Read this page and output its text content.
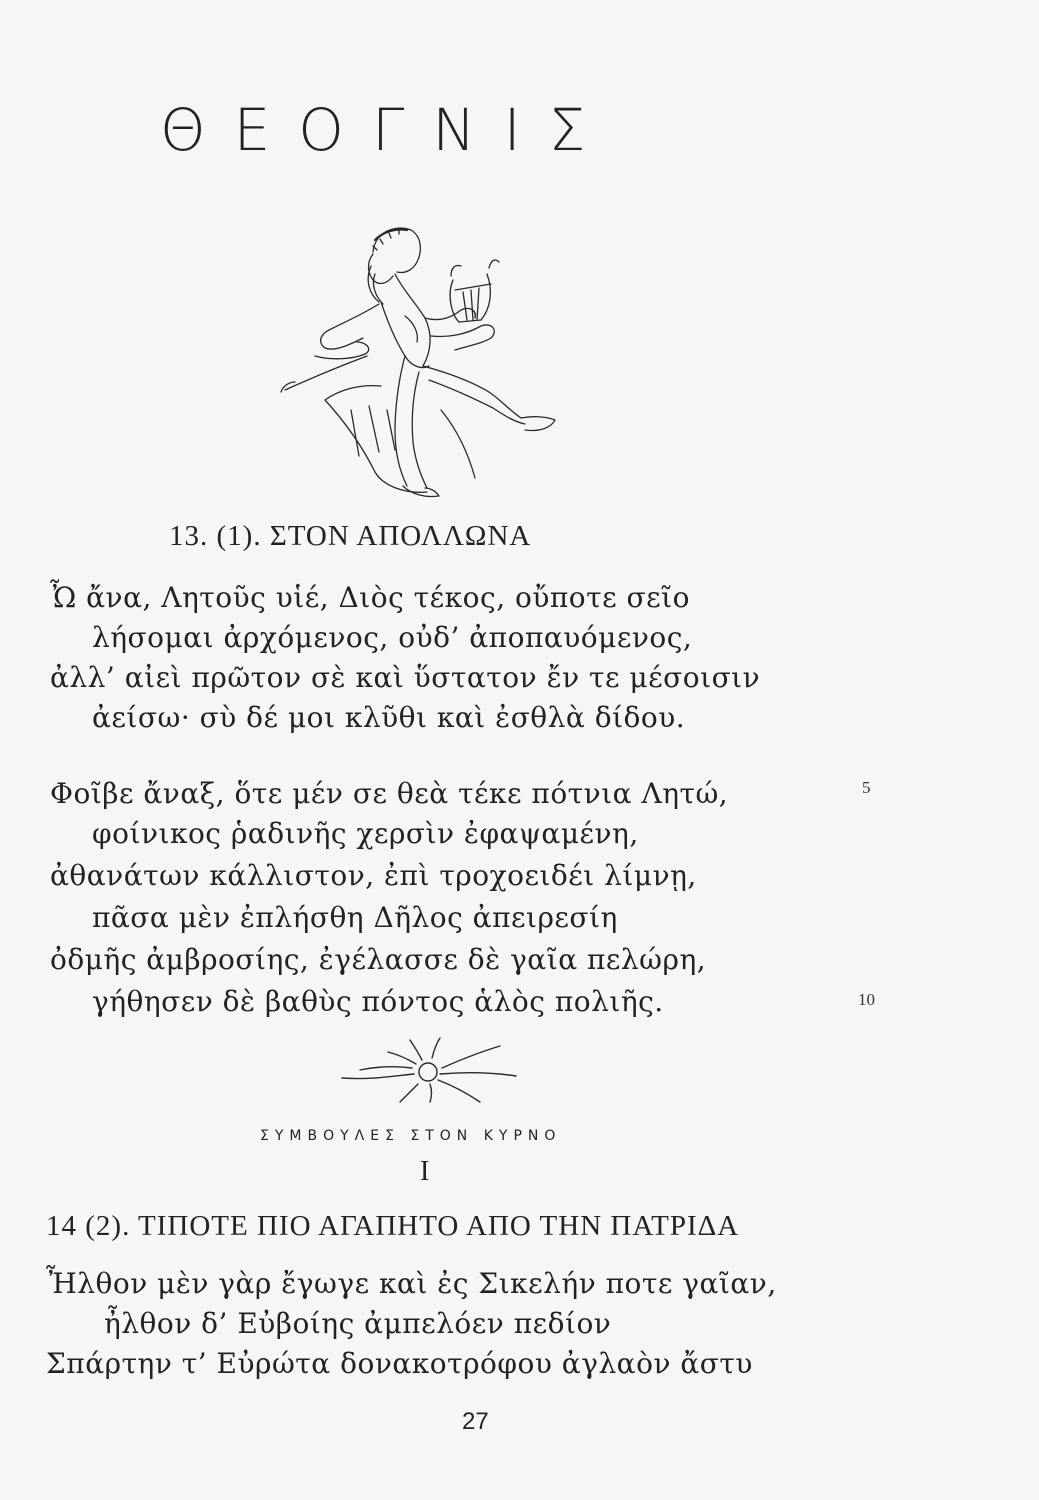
ΘΕΟΓΝΙΣ
13. (1). ΣΤΟΝ ΑΠΟΛΛΩΝΑ
Ὦ ἄνα, Λητοῦς υἱέ, Διὸς τέκος, οὔποτε σεῖο
λήσομαι ἀρχόμενος, οὐδ’ ἀποπαυόμενος,
ἀλλ’ αἰεὶ πρῶτον σὲ καὶ ὕστατον ἔν τε μέσοισιν
ἀείσω· σὺ δέ μοι κλῦθι καὶ ἐσθλὰ δίδου.
Φοῖβε ἄναξ, ὅτε μέν σε θεὰ τέκε πότνια Λητώ,
φοίνικος ῥαδινῆς χερσὶν ἐφαψαμένη,
ἀθανάτων κάλλιστον, ἐπὶ τροχοειδέι λίμνῃ,
πᾶσα μὲν ἐπλήσθη Δῆλος ἀπειρεσίη
ὀδμῆς ἀμβροσίης, ἐγέλασσε δὲ γαῖα πελώρη,
γήθησεν δὲ βαθὺς πόντος ἁλὸς πολιῆς.
5
10
ΣΥΜΒΟΥΛΕΣ ΣΤΟΝ ΚΥΡΝΟ
I
14 (2). ΤΙΠΟΤΕ ΠΙΟ ΑΓΑΠΗΤΟ ΑΠΟ ΤΗΝ ΠΑΤΡΙΔΑ
Ἦλθον μὲν γὰρ ἔγωγε καὶ ἐς Σικελήν ποτε γαῖαν,
ἦλθον δ’ Εὐβοίης ἀμπελόεν πεδίον
Σπάρτην τ’ Εὐρώτα δονακοτρόφου ἀγλαὸν ἄστυ
27
